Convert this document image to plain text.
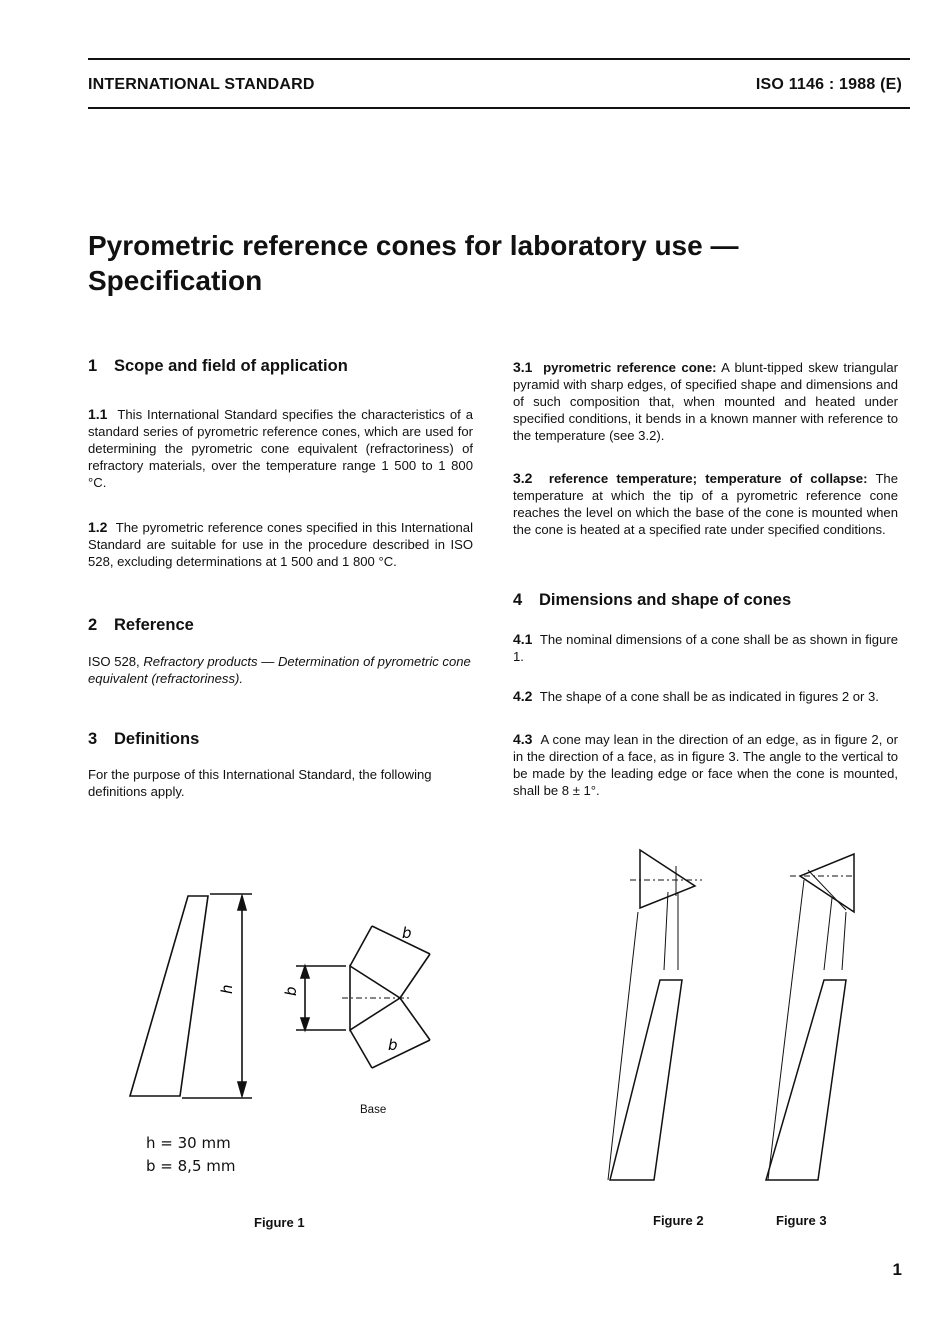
INTERNATIONAL STANDARD	ISO 1146 : 1988 (E)
Pyrometric reference cones for laboratory use —
Specification
1 Scope and field of application
1.1 This International Standard specifies the characteristics of a standard series of pyrometric reference cones, which are used for determining the pyrometric cone equivalent (refractoriness) of refractory materials, over the temperature range 1 500 to 1 800 °C.
1.2 The pyrometric reference cones specified in this International Standard are suitable for use in the procedure described in ISO 528, excluding determinations at 1 500 and 1 800 °C.
2 Reference
ISO 528, Refractory products — Determination of pyrometric cone equivalent (refractoriness).
3 Definitions
For the purpose of this International Standard, the following definitions apply.
3.1 pyrometric reference cone: A blunt-tipped skew triangular pyramid with sharp edges, of specified shape and dimensions and of such composition that, when mounted and heated under specified conditions, it bends in a known manner with reference to the temperature (see 3.2).
3.2 reference temperature; temperature of collapse: The temperature at which the tip of a pyrometric reference cone reaches the level on which the base of the cone is mounted when the cone is heated at a specified rate under specified conditions.
4 Dimensions and shape of cones
4.1 The nominal dimensions of a cone shall be as shown in figure 1.
4.2 The shape of a cone shall be as indicated in figures 2 or 3.
4.3 A cone may lean in the direction of an edge, as in figure 2, or in the direction of a face, as in figure 3. The angle to the vertical to be made by the leading edge or face when the cone is mounted, shall be 8 ± 1°.
h	b
b
b
Base
h = 30 mm
b = 8,5 mm
Figure 1	Figure 2	Figure 3
1
